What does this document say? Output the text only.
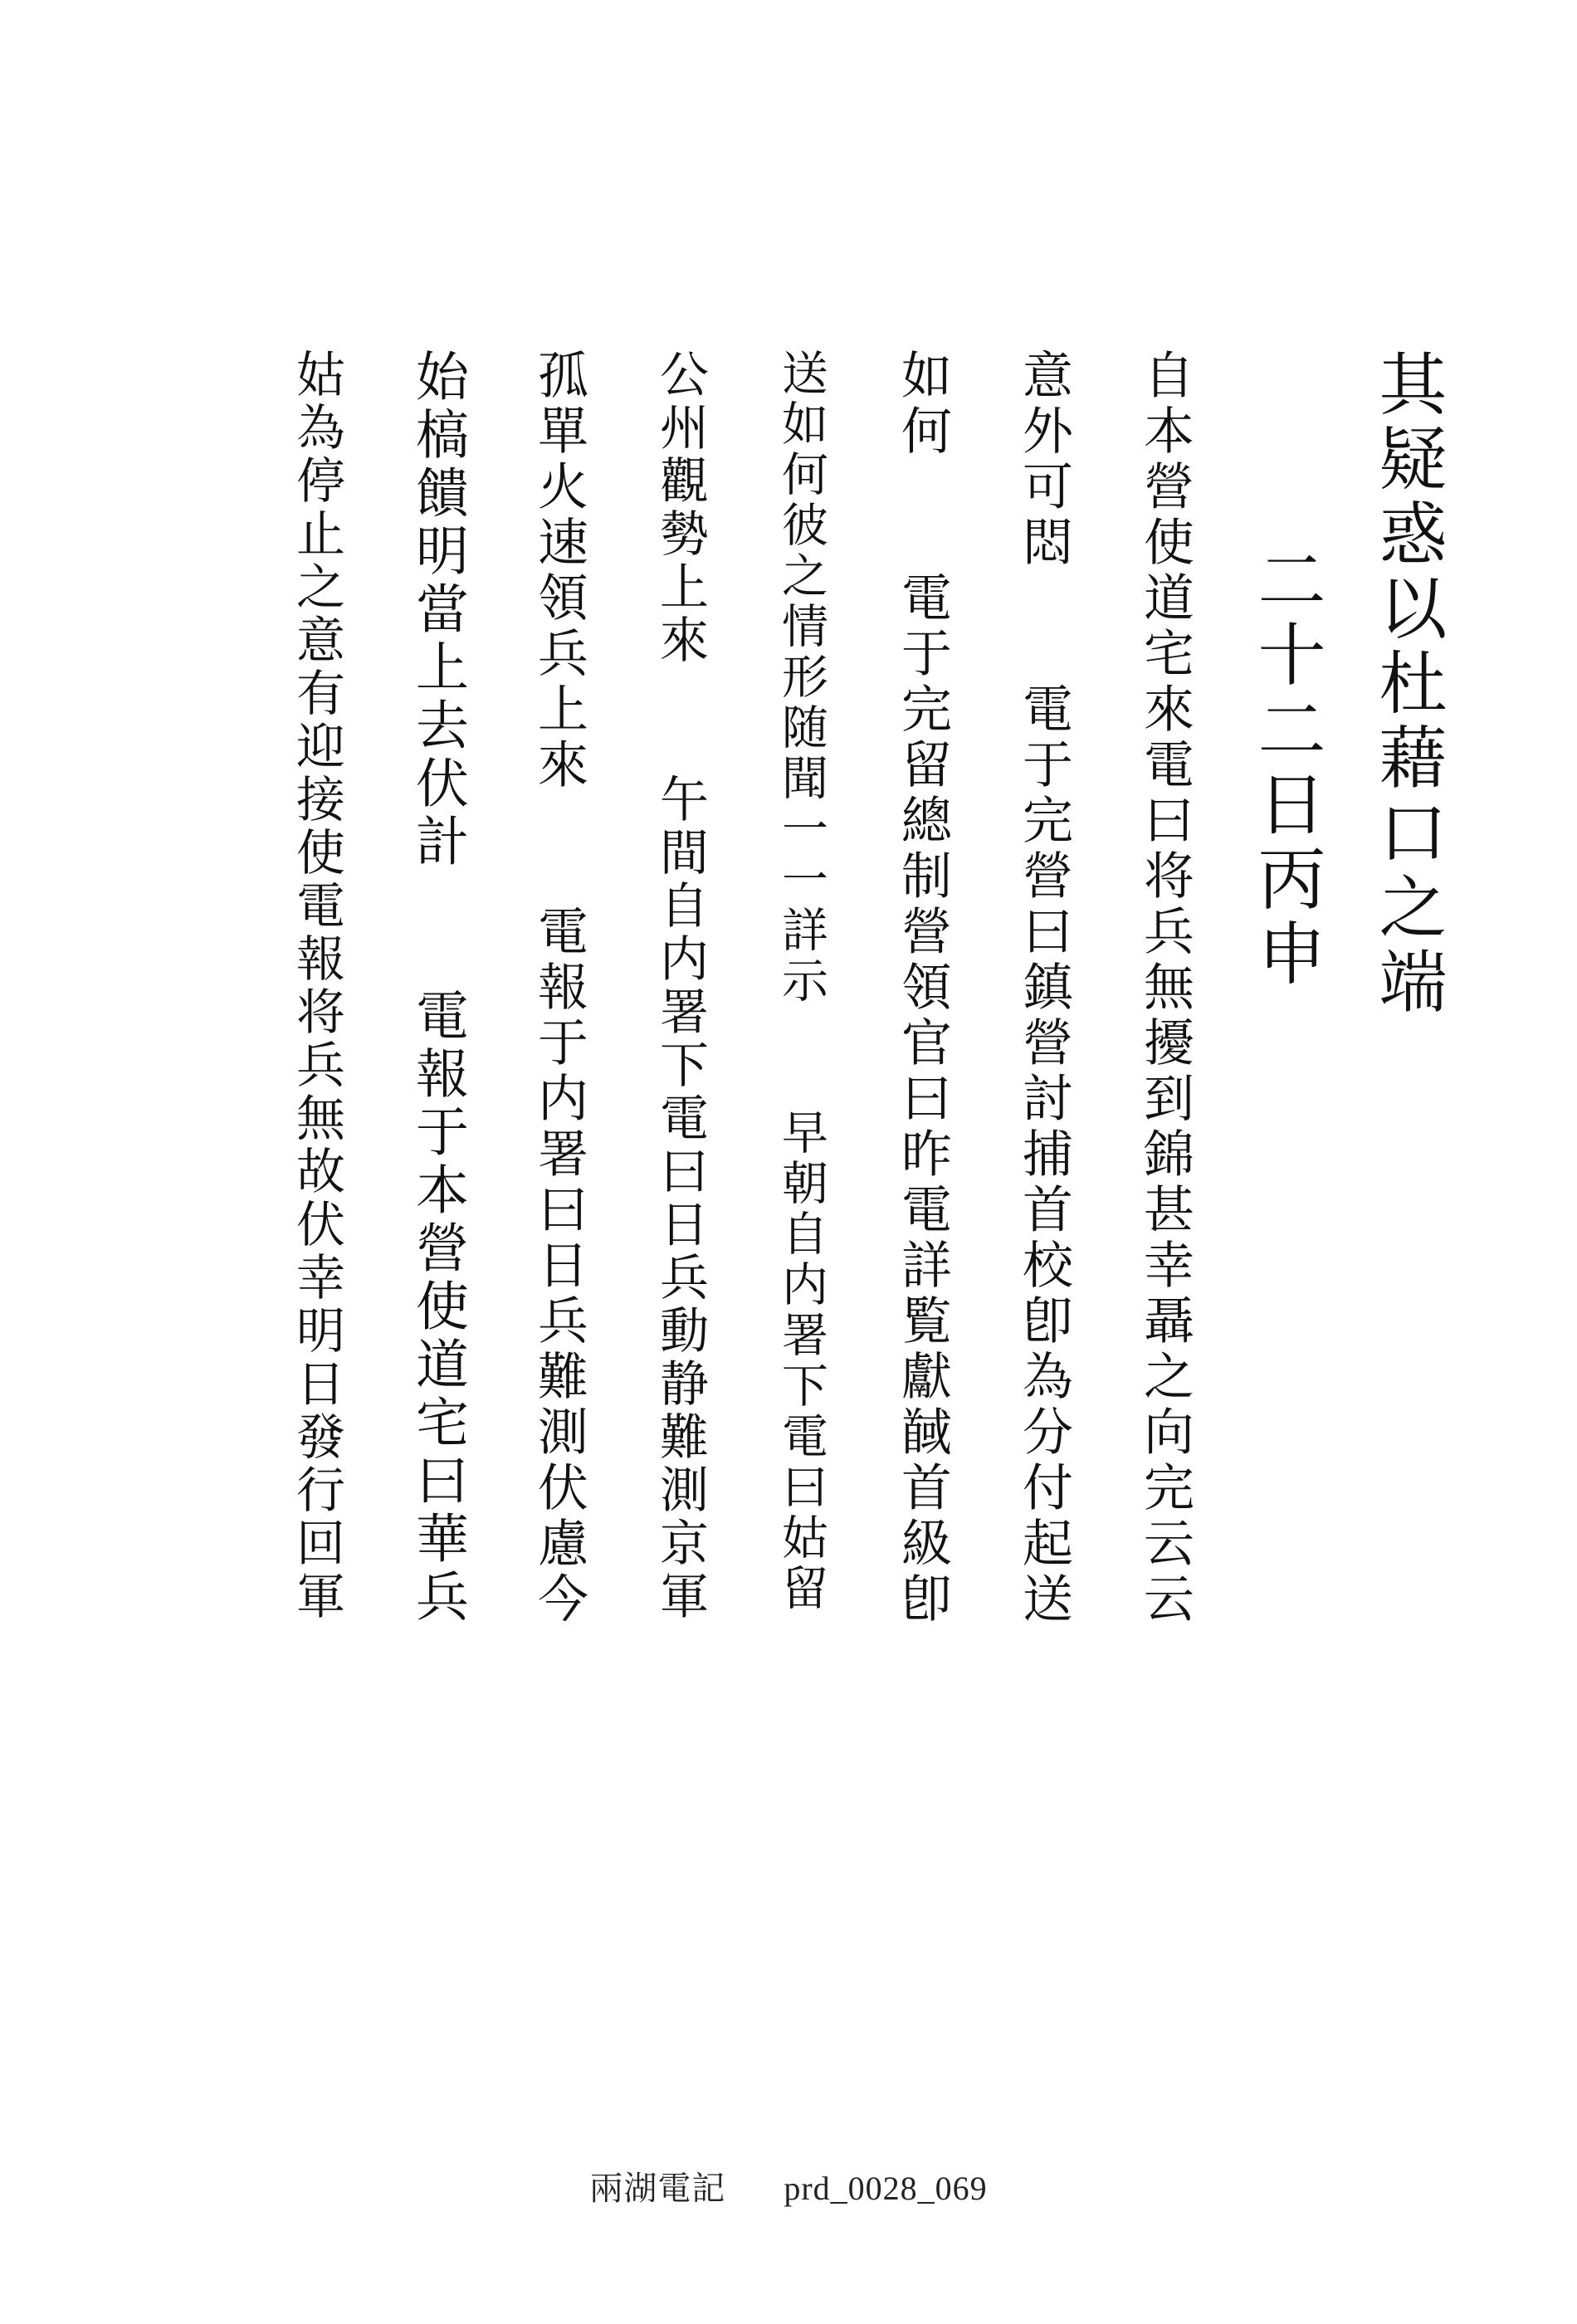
其疑惑以杜藉口之端
二十二日丙申
自本營使道宅來電曰将兵無擾到錦甚幸聶之向完云云
意外可悶　　電于完營曰鎮營討捕首校卽為分付起送
如何　　電于完留總制營領官曰昨電詳覧獻馘首級卽
送如何彼之情形随聞一一詳示　　早朝自内署下電曰姑留
公州觀勢上來　　午間自内署下電曰日兵動静難測京軍
孤單火速領兵上來　　電報于内署曰日兵難測伏慮今
始槁饋明當上去伏計　　電報于本營使道宅曰華兵
姑為停止之意有迎接使電報将兵無故伏幸明日發行回軍
兩湖電記 prd_0028_069
